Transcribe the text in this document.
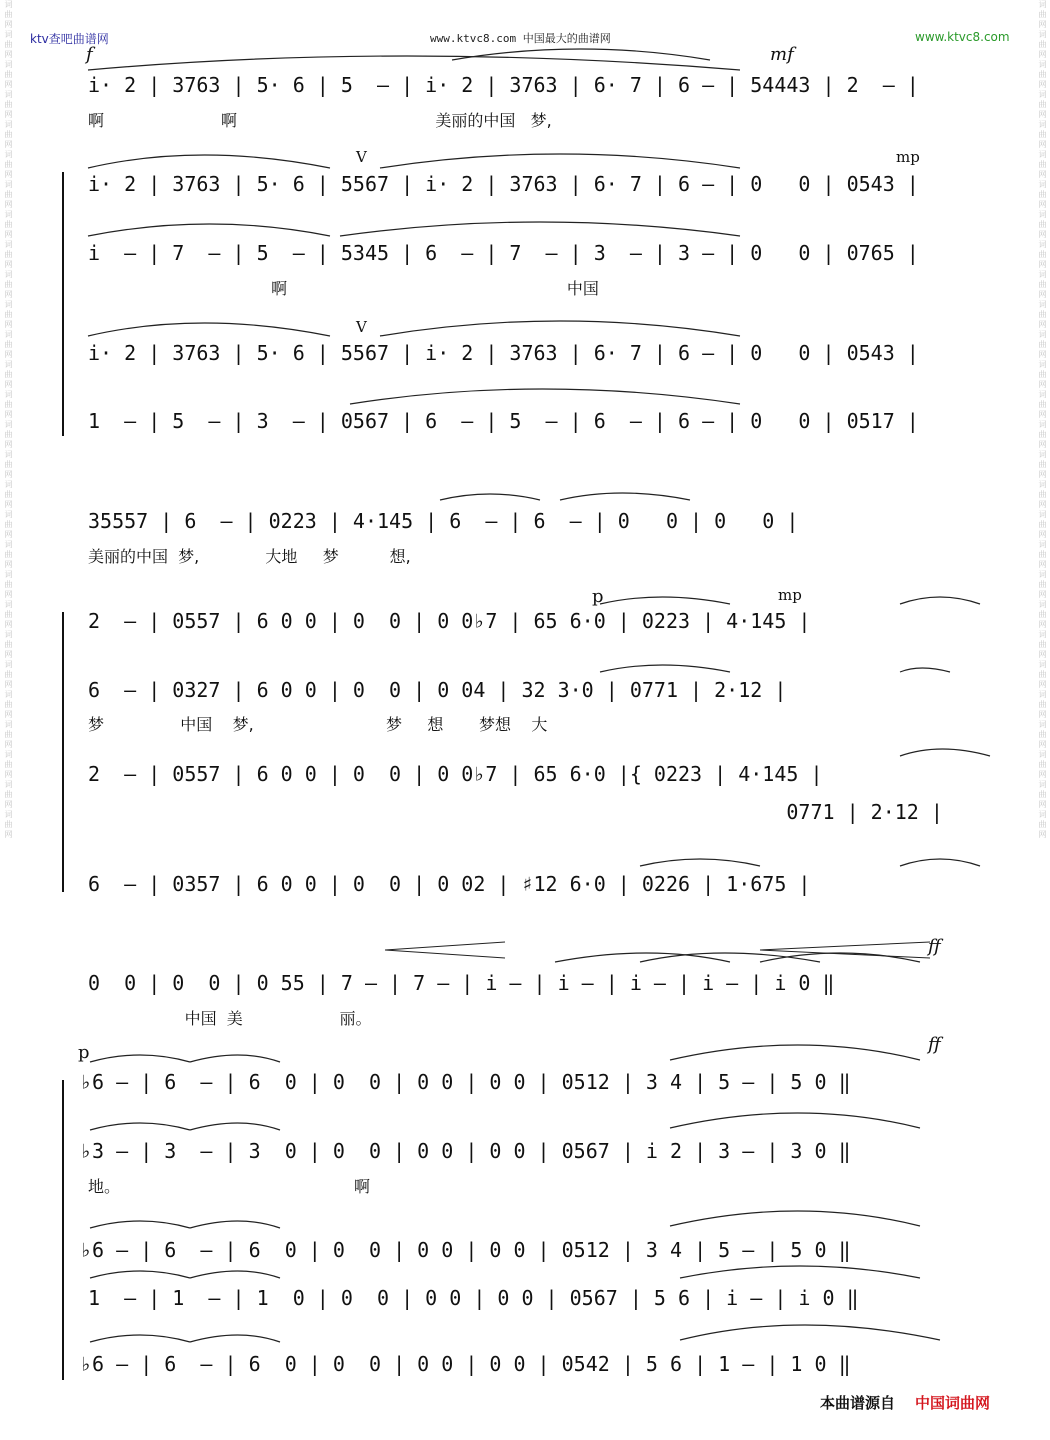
ktv查吧曲谱网	www.ktvc8.com 中国最大的曲谱网	www.ktvc8.com
词曲网词曲网词曲网词曲网词曲网词曲网词曲网词曲网词曲网词曲网词曲网词曲网词曲网词曲网词曲网词曲网词曲网词曲网词曲网词曲网词曲网词曲网词曲网词曲网词曲网词曲网词曲网词曲网	词曲网词曲网词曲网词曲网词曲网词曲网词曲网词曲网词曲网词曲网词曲网词曲网词曲网词曲网词曲网词曲网词曲网词曲网词曲网词曲网词曲网词曲网词曲网词曲网词曲网词曲网词曲网词曲网
f	mf
mp
V
V
i· 2 | 3763 | 5· 6 | 5  — | i· 2 | 3763 | 6· 7 | 6 — | 54443 | 2  — |
啊                       啊                                       美丽的中国   梦,
i· 2 | 3763 | 5· 6 | 5567 | i· 2 | 3763 | 6· 7 | 6 — | 0   0 | 0543 |
i  — | 7  — | 5  — | 5345 | 6  — | 7  — | 3  — | 3 — | 0   0 | 0765 |
啊                                                       中国
i· 2 | 3763 | 5· 6 | 5567 | i· 2 | 3763 | 6· 7 | 6 — | 0   0 | 0543 |
1  — | 5  — | 3  — | 0567 | 6  — | 5  — | 6  — | 6 — | 0   0 | 0517 |
p	mp
35557 | 6  — | 0223 | 4·145 | 6  — | 6  — | 0   0 | 0   0 |
美丽的中国  梦,             大地     梦          想,
2  — | 0557 | 6 0 0 | 0  0 | 0 0♭7 | 65 6·0 | 0223 | 4·145 |
6  — | 0327 | 6 0 0 | 0  0 | 0 04 | 32 3·0 | 0771 | 2·12 |
梦               中国    梦,                          梦     想       梦想    大
2  — | 0557 | 6 0 0 | 0  0 | 0 0♭7 | 65 6·0 |{ 0223 | 4·145 |
0771 | 2·12 |
6  — | 0357 | 6 0 0 | 0  0 | 0 02 | ♯12 6·0 | 0226 | 1·675 |
p
ff
ff
0  0 | 0  0 | 0 55 | 7 — | 7 — | i — | i — | i — | i — | i 0 ‖
中国  美                   丽。
♭6 — | 6  — | 6  0 | 0  0 | 0 0 | 0 0 | 0512 | 3 4 | 5 — | 5 0 ‖
♭3 — | 3  — | 3  0 | 0  0 | 0 0 | 0 0 | 0567 | i 2 | 3 — | 3 0 ‖
地。                                              啊
♭6 — | 6  — | 6  0 | 0  0 | 0 0 | 0 0 | 0512 | 3 4 | 5 — | 5 0 ‖
1  — | 1  — | 1  0 | 0  0 | 0 0 | 0 0 | 0567 | 5 6 | i — | i 0 ‖
♭6 — | 6  — | 6  0 | 0  0 | 0 0 | 0 0 | 0542 | 5 6 | 1 — | 1 0 ‖
本曲谱源自 中国词曲网
